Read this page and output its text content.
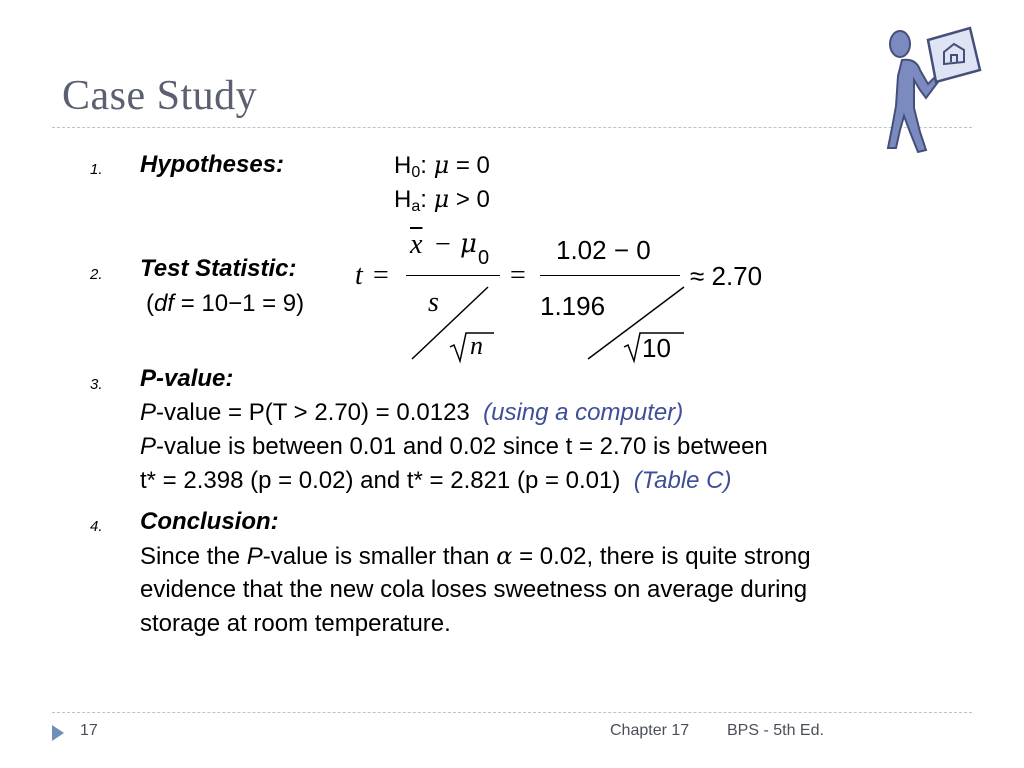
Case Study
1. Hypotheses:	$H_0$: μ = 0
$H_a$: μ > 0
2. Test Statistic:
(df = 10−1 = 9)
t =
$\overline{x} - \mu$ 0
s
n
=
1.02 − 0
1.196
10
≈ 2.70
3. P-value:
P-value = P(T > 2.70) = 0.0123 (using a computer)
P-value is between 0.01 and 0.02 since t = 2.70 is between
t* = 2.398 (p = 0.02) and t* = 2.821 (p = 0.01) (Table C)
4. Conclusion:
Since the P-value is smaller than α = 0.02, there is quite strong
evidence that the new cola loses sweetness on average during
storage at room temperature.
17	Chapter 17 BPS - 5th Ed.
